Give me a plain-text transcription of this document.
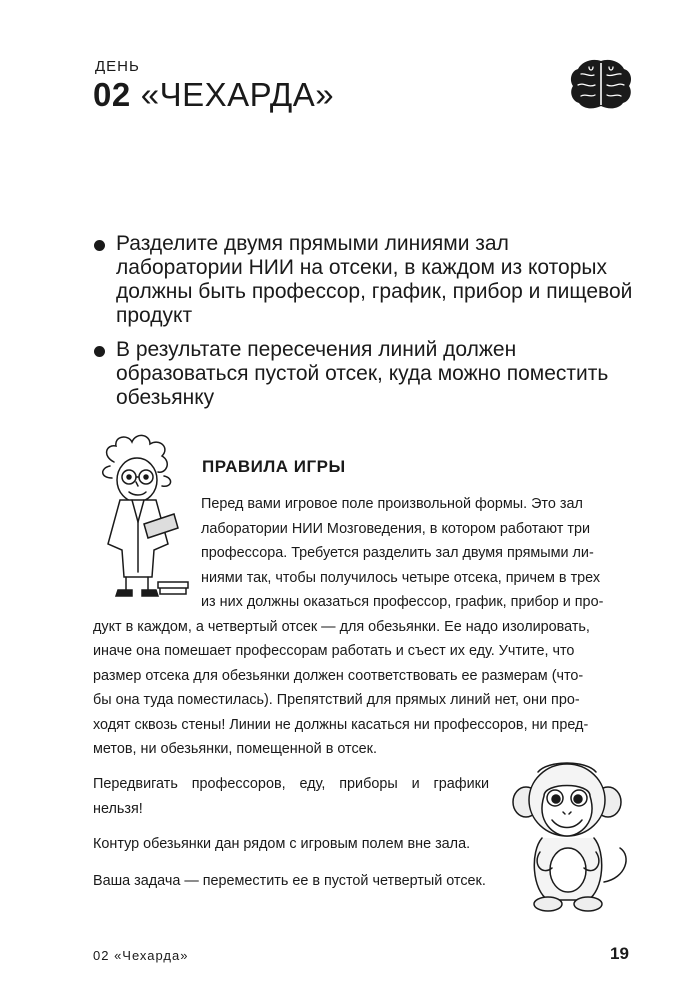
ДЕНЬ
02 «ЧЕХАРДА»
Разделите двумя прямыми линиями зал лаборатории НИИ на отсеки, в каждом из которых должны быть профессор, график, прибор и пищевой продукт
В результате пересечения линий должен образоваться пустой отсек, куда можно поместить обезьянку
ПРАВИЛА ИГРЫ
Перед вами игровое поле произвольной формы. Это зал
лаборатории НИИ Мозговедения, в котором работают три
профессора. Требуется разделить зал двумя прямыми ли-
ниями так, чтобы получилось четыре отсека, причем в трех
из них должны оказаться профессор, график, прибор и про-
дукт в каждом, а четвертый отсек — для обезьянки. Ее надо изолировать,
иначе она помешает профессорам работать и съест их еду. Учтите, что
размер отсека для обезьянки должен соответствовать ее размерам (что-
бы она туда поместилась). Препятствий для прямых линий нет, они про-
ходят сквозь стены! Линии не должны касаться ни профессоров, ни пред-
метов, ни обезьянки, помещенной в отсек.
Передвигать профессоров, еду, приборы и графики нельзя!
Контур обезьянки дан рядом с игровым полем вне зала.
Ваша задача — переместить ее в пустой четвертый отсек.
02 «Чехарда»	19
